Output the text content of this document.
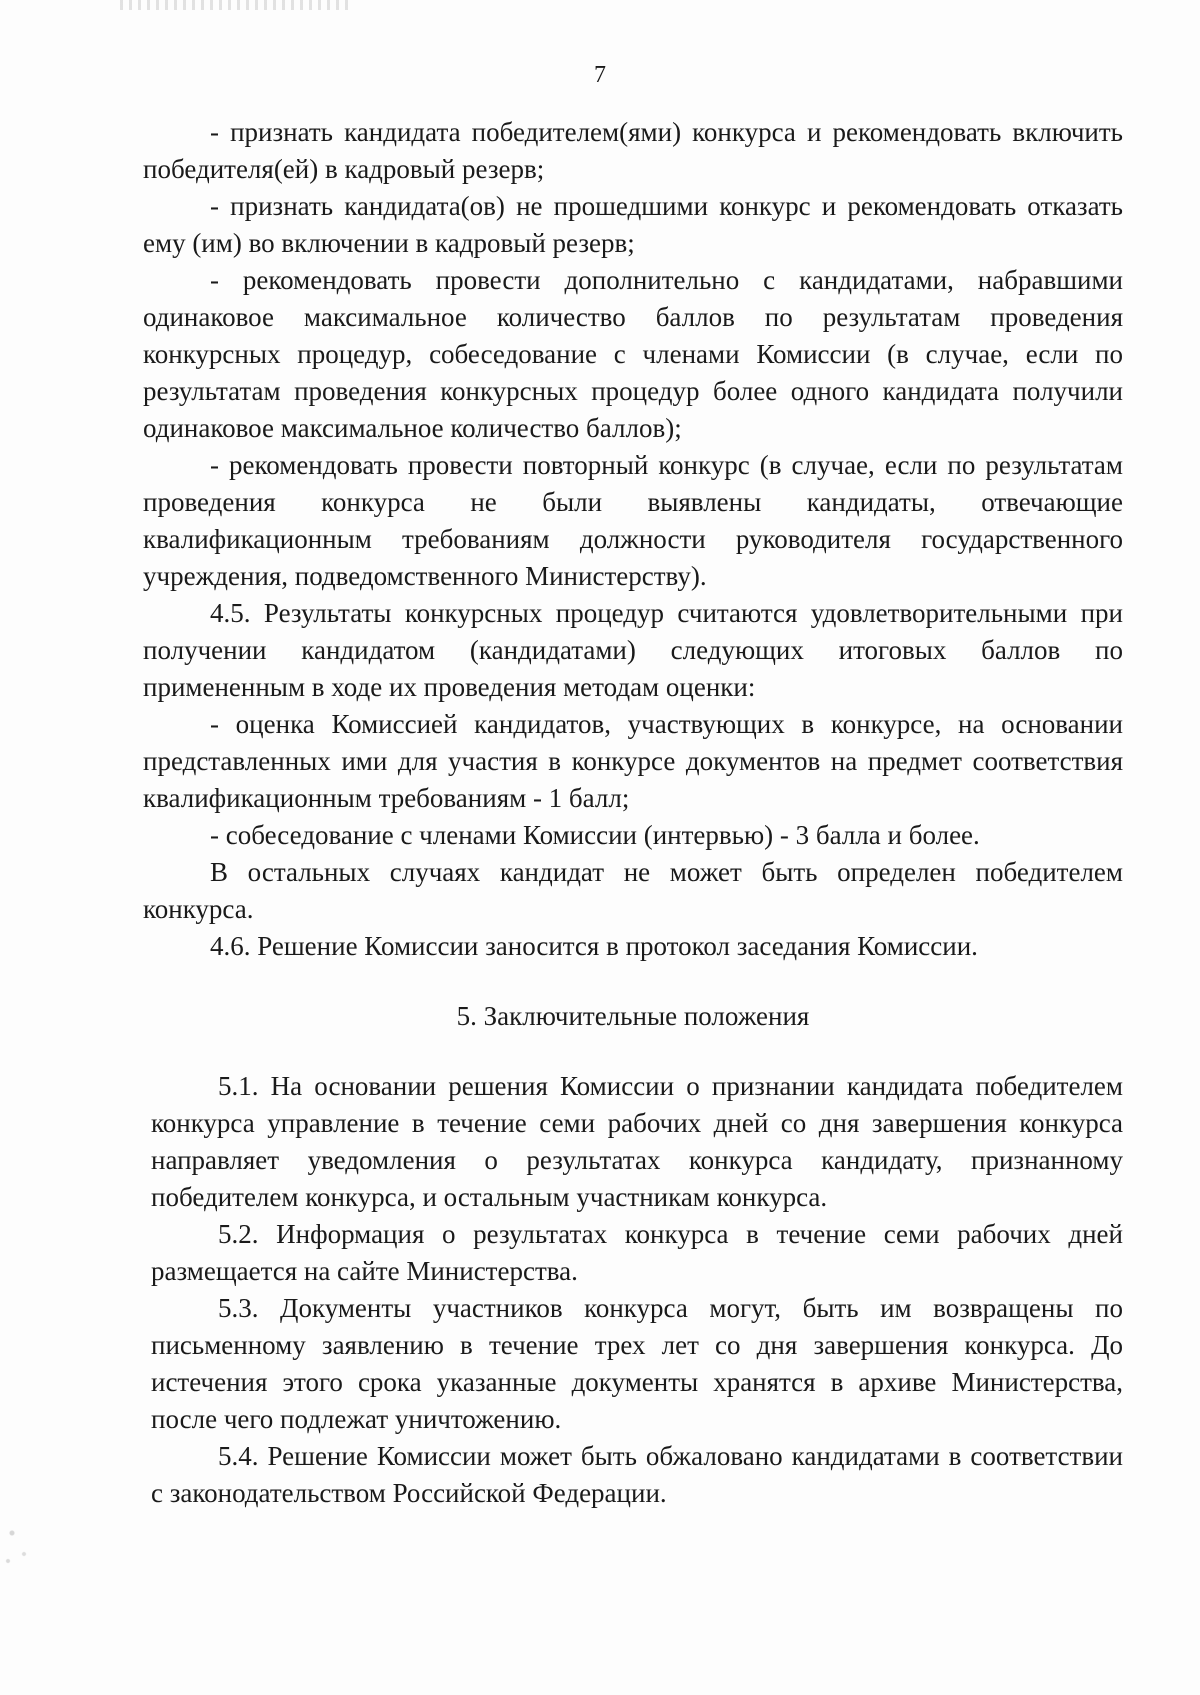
7

- признать кандидата победителем(ями) конкурса и рекомендовать включить победителя(ей) в кадровый резерв;

- признать кандидата(ов) не прошедшими конкурс и рекомендовать отказать ему (им) во включении в кадровый резерв;

- рекомендовать провести дополнительно с кандидатами, набравшими одинаковое максимальное количество баллов по результатам проведения конкурсных процедур, собеседование с членами Комиссии (в случае, если по результатам проведения конкурсных процедур более одного кандидата получили одинаковое максимальное количество баллов);

- рекомендовать провести повторный конкурс (в случае, если по результатам проведения конкурса не были выявлены кандидаты, отвечающие квалификационным требованиям должности руководителя государственного учреждения, подведомственного Министерству).

4.5. Результаты конкурсных процедур считаются удовлетворительными при получении кандидатом (кандидатами) следующих итоговых баллов по примененным в ходе их проведения методам оценки:

- оценка Комиссией кандидатов, участвующих в конкурсе, на основании представленных ими для участия в конкурсе документов на предмет соответствия квалификационным требованиям - 1 балл;

- собеседование с членами Комиссии (интервью) - 3 балла и более.

В остальных случаях кандидат не может быть определен победителем конкурса.

4.6. Решение Комиссии заносится в протокол заседания Комиссии.

5. Заключительные положения

5.1. На основании решения Комиссии о признании кандидата победителем конкурса управление в течение семи рабочих дней со дня завершения конкурса направляет уведомления о результатах конкурса кандидату, признанному победителем конкурса, и остальным участникам конкурса.

5.2. Информация о результатах конкурса в течение семи рабочих дней размещается на сайте Министерства.

5.3. Документы участников конкурса могут, быть им возвращены по письменному заявлению в течение трех лет со дня завершения конкурса. До истечения этого срока указанные документы хранятся в архиве Министерства, после чего подлежат уничтожению.

5.4. Решение Комиссии может быть обжаловано кандидатами в соответствии с законодательством Российской Федерации.
